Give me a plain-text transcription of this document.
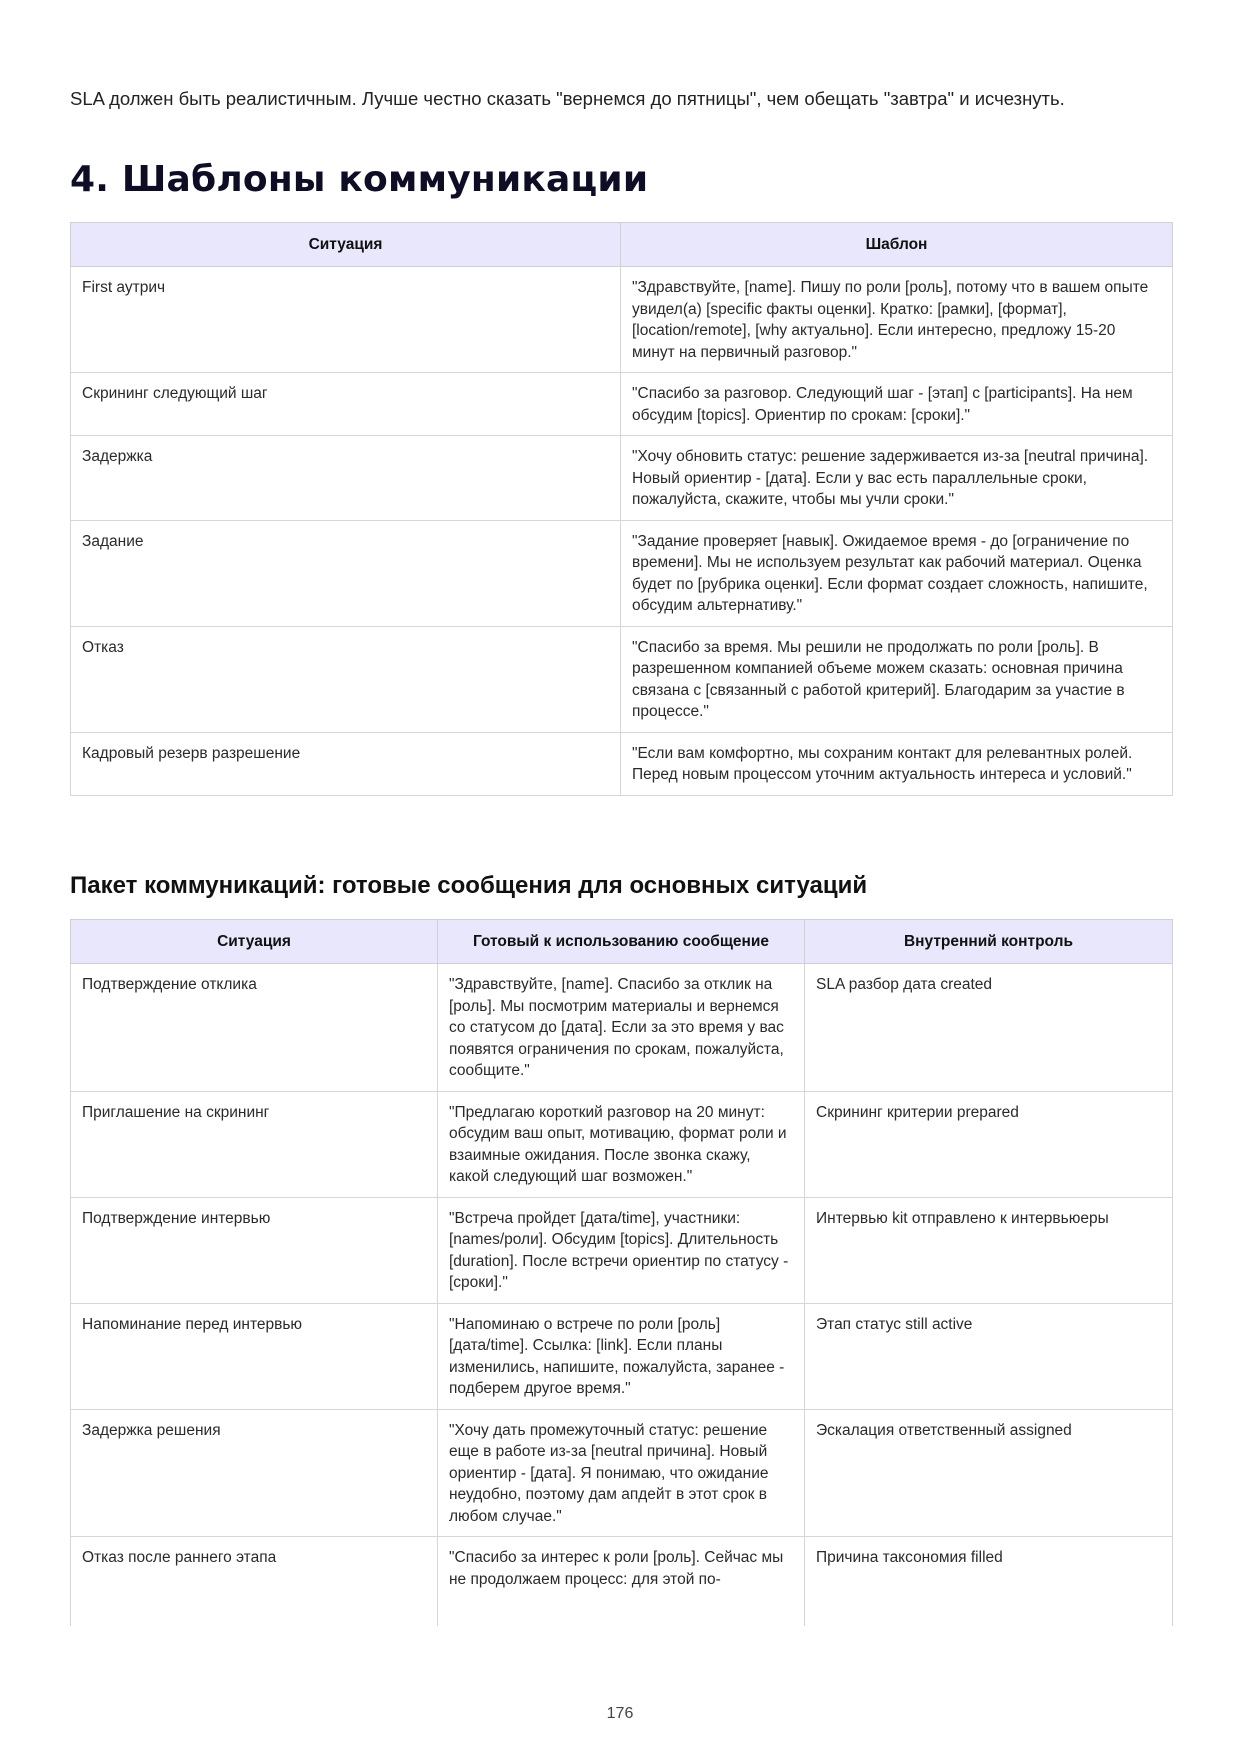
SLA должен быть реалистичным. Лучше честно сказать "вернемся до пятницы", чем обещать "завтра" и исчезнуть.
4. Шаблоны коммуникации
Ситуация	Шаблон
First аутрич	"Здравствуйте, [name]. Пишу по роли [роль], потому что в вашем опыте увидел(а) [specific факты оценки]. Кратко: [рамки], [формат], [location/remote], [why актуально]. Если интересно, предложу 15-20 минут на первичный разговор."
Скрининг следующий шаг	"Спасибо за разговор. Следующий шаг - [этап] с [participants]. На нем обсудим [topics]. Ориентир по срокам: [сроки]."
Задержка	"Хочу обновить статус: решение задерживается из-за [neutral причина]. Новый ориентир - [дата]. Если у вас есть параллельные сроки, пожалуйста, скажите, чтобы мы учли сроки."
Задание	"Задание проверяет [навык]. Ожидаемое время - до [ограничение по времени]. Мы не используем результат как рабочий материал. Оценка будет по [рубрика оценки]. Если формат создает сложность, напишите, обсудим альтернативу."
Отказ	"Спасибо за время. Мы решили не продолжать по роли [роль]. В разрешенном компанией объеме можем сказать: основная причина связана с [связанный с работой критерий]. Благодарим за участие в процессе."
Кадровый резерв разрешение	"Если вам комфортно, мы сохраним контакт для релевантных ролей. Перед новым процессом уточним актуальность интереса и условий."
Пакет коммуникаций: готовые сообщения для основных ситуаций
Ситуация	Готовый к использованию сообщение	Внутренний контроль
Подтверждение отклика	"Здравствуйте, [name]. Спасибо за отклик на [роль]. Мы посмотрим материалы и вернемся со статусом до [дата]. Если за это время у вас появятся ограничения по срокам, пожалуйста, сообщите."	SLA разбор дата created
Приглашение на скрининг	"Предлагаю короткий разговор на 20 минут: обсудим ваш опыт, мотивацию, формат роли и взаимные ожидания. После звонка скажу, какой следующий шаг возможен."	Скрининг критерии prepared
Подтверждение интервью	"Встреча пройдет [дата/time], участники: [names/роли]. Обсудим [topics]. Длительность [duration]. После встречи ориентир по статусу - [сроки]."	Интервью kit отправлено к интервьюеры
Напоминание перед интервью	"Напоминаю о встрече по роли [роль] [дата/time]. Ссылка: [link]. Если планы изменились, напишите, пожалуйста, заранее - подберем другое время."	Этап статус still active
Задержка решения	"Хочу дать промежуточный статус: решение еще в работе из-за [neutral причина]. Новый ориентир - [дата]. Я понимаю, что ожидание неудобно, поэтому дам апдейт в этот срок в любом случае."	Эскалация ответственный assigned
Отказ после раннего этапа	"Спасибо за интерес к роли [роль]. Сейчас мы не продолжаем процесс: для этой по-	Причина таксономия filled
176
